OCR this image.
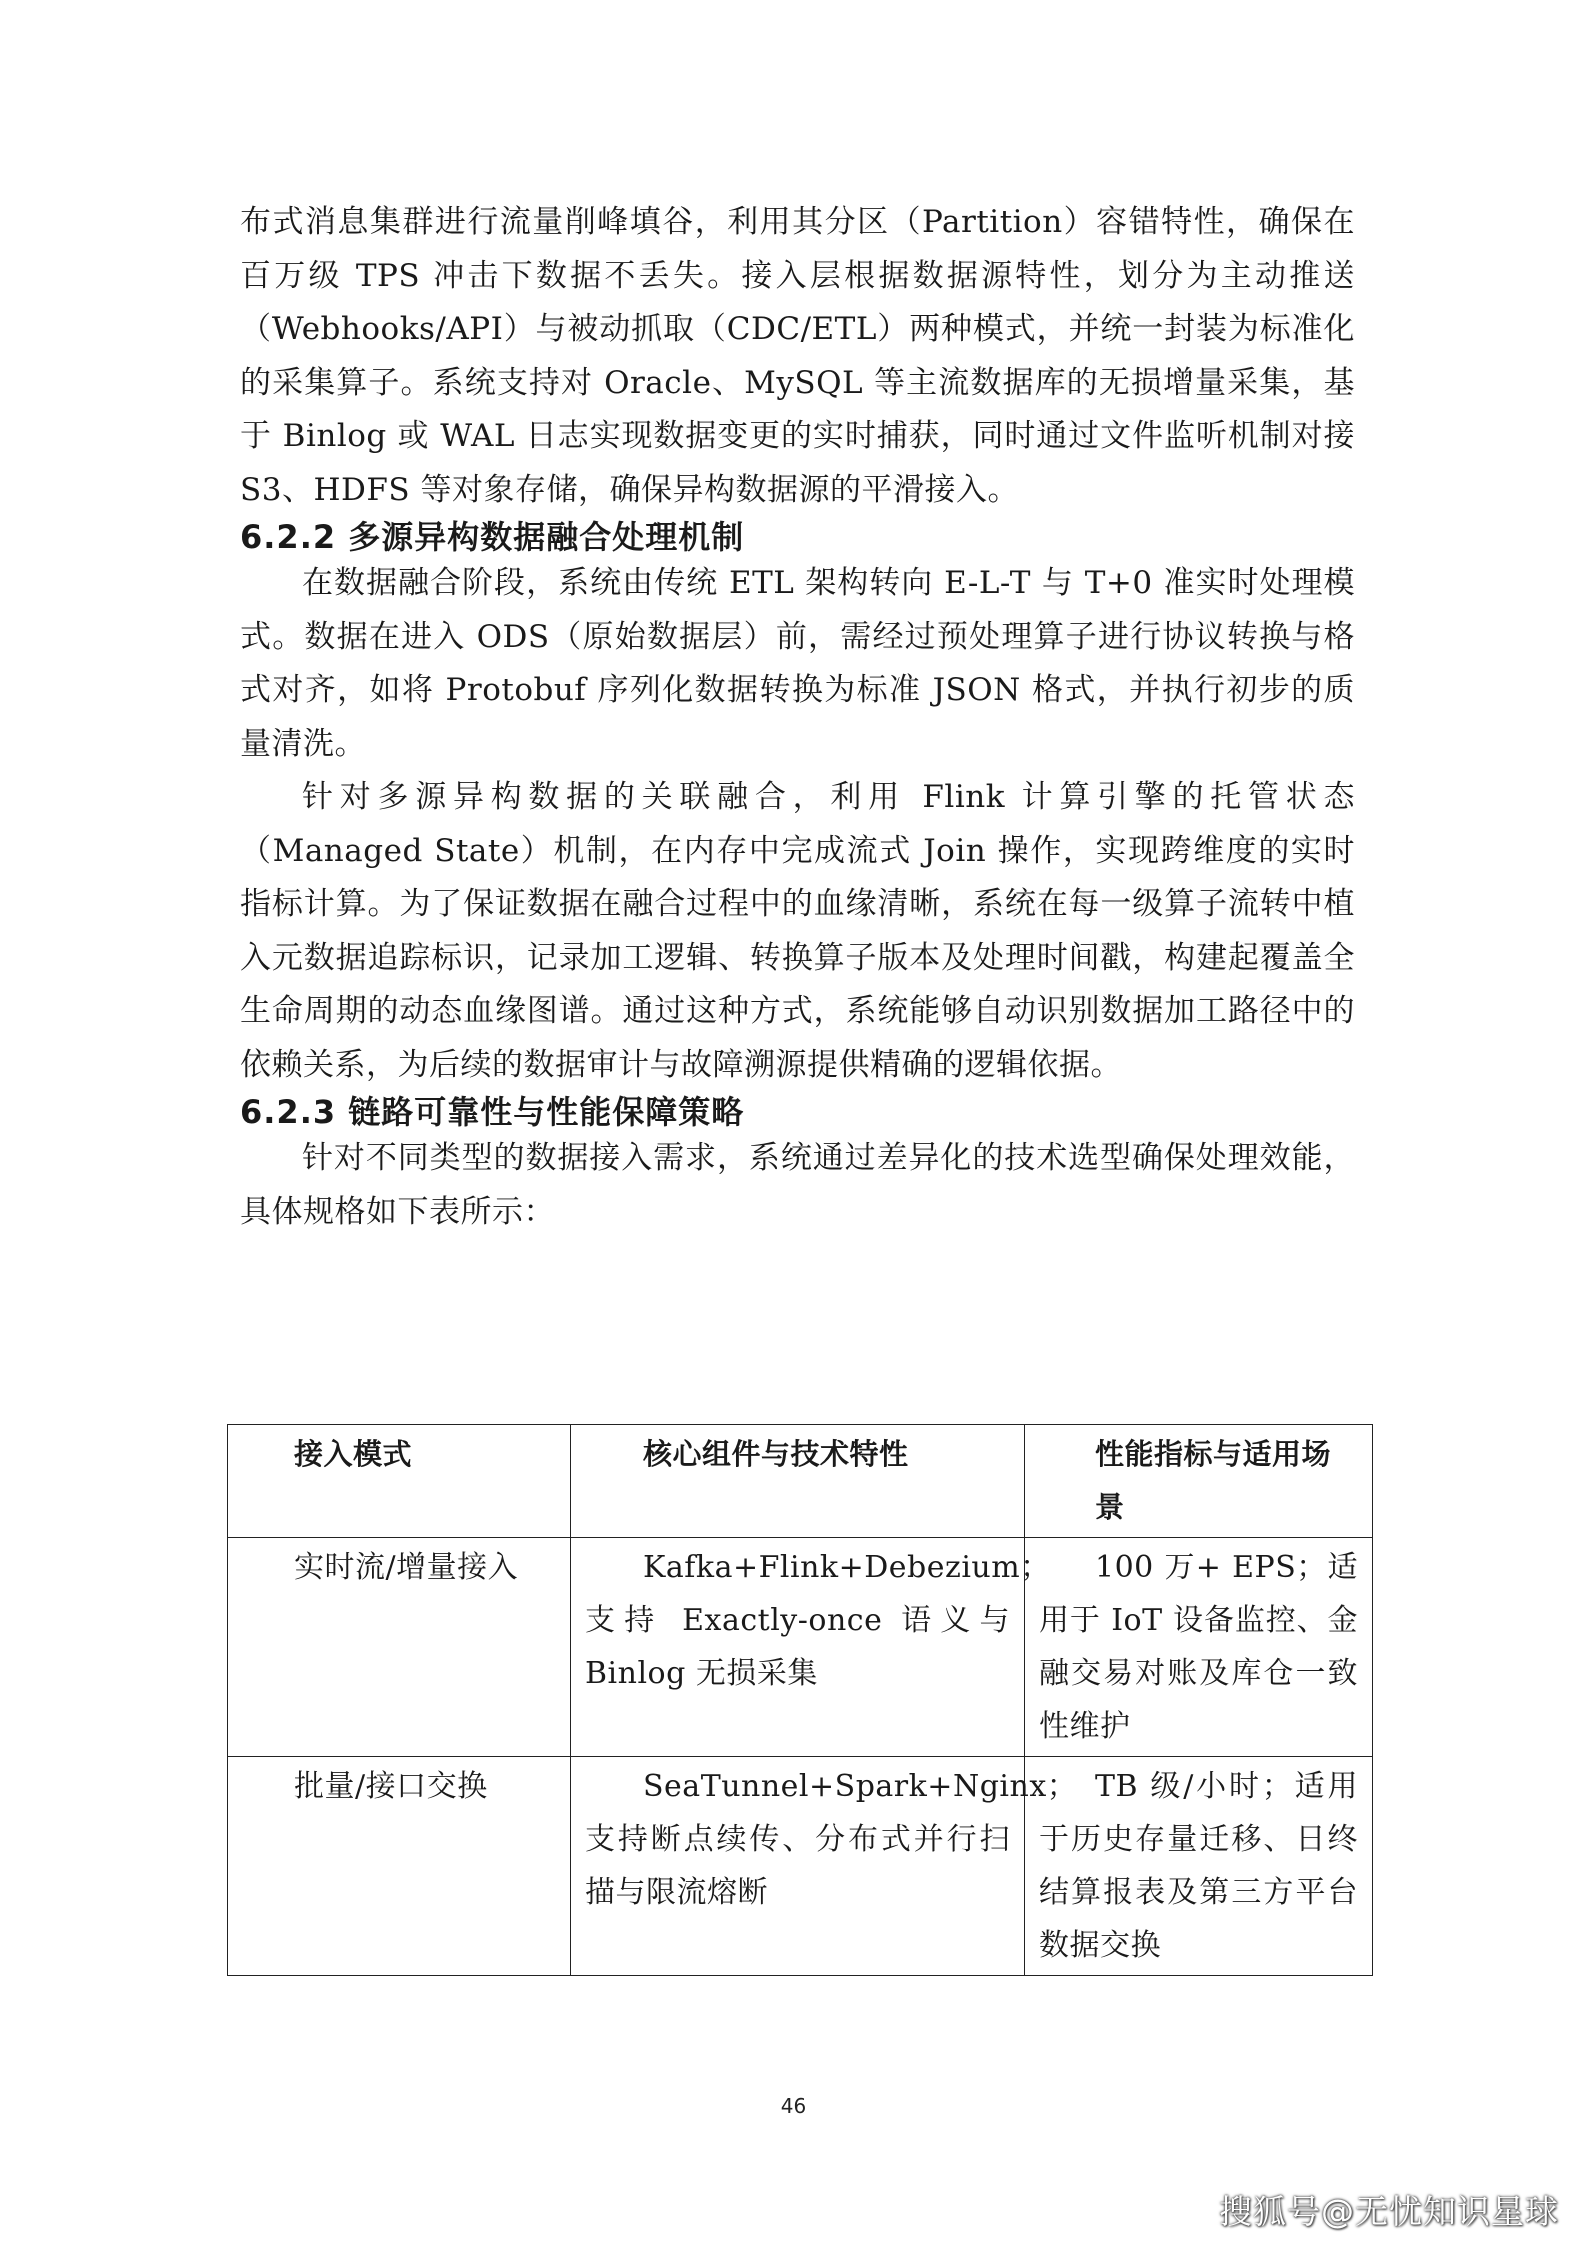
布式消息集群进行流量削峰填谷，利用其分区（Partition）容错特性，确保在百万级 TPS 冲击下数据不丢失。接入层根据数据源特性，划分为主动推送（Webhooks/API）与被动抓取（CDC/ETL）两种模式，并统一封装为标准化的采集算子。系统支持对 Oracle、MySQL 等主流数据库的无损增量采集，基于 Binlog 或 WAL 日志实现数据变更的实时捕获，同时通过文件监听机制对接 S3、HDFS 等对象存储，确保异构数据源的平滑接入。

6.2.2 多源异构数据融合处理机制

在数据融合阶段，系统由传统 ETL 架构转向 E-L-T 与 T+0 准实时处理模式。数据在进入 ODS（原始数据层）前，需经过预处理算子进行协议转换与格式对齐，如将 Protobuf 序列化数据转换为标准 JSON 格式，并执行初步的质量清洗。

针对多源异构数据的关联融合，利用 Flink 计算引擎的托管状态（Managed State）机制，在内存中完成流式 Join 操作，实现跨维度的实时指标计算。为了保证数据在融合过程中的血缘清晰，系统在每一级算子流转中植入元数据追踪标识，记录加工逻辑、转换算子版本及处理时间戳，构建起覆盖全生命周期的动态血缘图谱。通过这种方式，系统能够自动识别数据加工路径中的依赖关系，为后续的数据审计与故障溯源提供精确的逻辑依据。

6.2.3 链路可靠性与性能保障策略

针对不同类型的数据接入需求，系统通过差异化的技术选型确保处理效能，具体规格如下表所示：

接入模式	核心组件与技术特性	性能指标与适用场景
实时流/增量接入	Kafka+Flink+Debezium；支持 Exactly-once 语义与 Binlog 无损采集	100 万+ EPS；适用于 IoT 设备监控、金融交易对账及库仓一致性维护
批量/接口交换	SeaTunnel+Spark+Nginx；支持断点续传、分布式并行扫描与限流熔断	TB 级/小时；适用于历史存量迁移、日终结算报表及第三方平台数据交换
46
搜狐号@无忧知识星球
